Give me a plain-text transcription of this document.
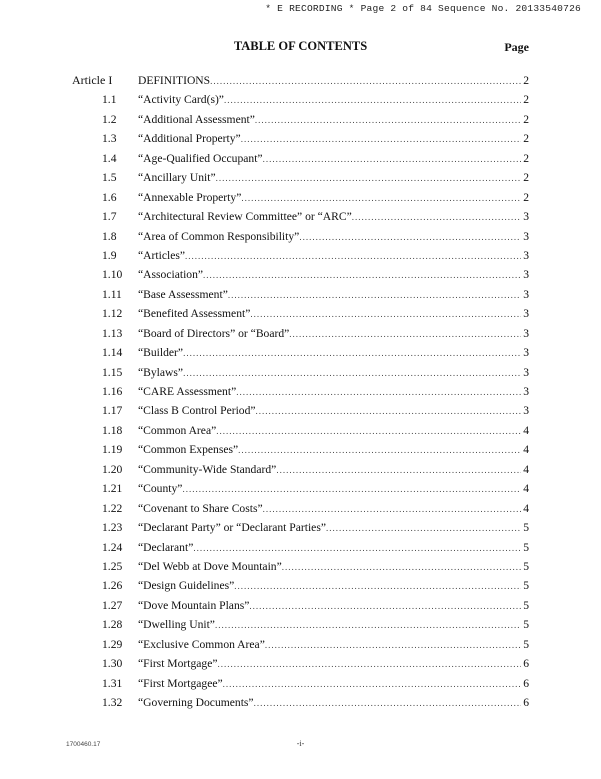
* E RECORDING * Page 2 of 84 Sequence No. 20133540726
TABLE OF CONTENTS	Page
Article I DEFINITIONS .....	2
1.1	“Activity Card(s)” .....	2
1.2	“Additional Assessment” .....	2
1.3	“Additional Property” .....	2
1.4	“Age-Qualified Occupant” .....	2
1.5	“Ancillary Unit” .....	2
1.6	“Annexable Property” .....	2
1.7	“Architectural Review Committee” or “ARC” .....	3
1.8	“Area of Common Responsibility” .....	3
1.9	“Articles” .....	3
1.10	“Association” .....	3
1.11	“Base Assessment” .....	3
1.12	“Benefited Assessment” .....	3
1.13	“Board of Directors” or “Board” .....	3
1.14	“Builder” .....	3
1.15	“Bylaws” .....	3
1.16	“CARE Assessment” .....	3
1.17	“Class B Control Period” .....	3
1.18	“Common Area” .....	4
1.19	“Common Expenses” .....	4
1.20	“Community-Wide Standard” .....	4
1.21	“County” .....	4
1.22	“Covenant to Share Costs” .....	4
1.23	“Declarant Party” or “Declarant Parties” .....	5
1.24	“Declarant” .....	5
1.25	“Del Webb at Dove Mountain” .....	5
1.26	“Design Guidelines” .....	5
1.27	“Dove Mountain Plans” .....	5
1.28	“Dwelling Unit” .....	5
1.29	“Exclusive Common Area” .....	5
1.30	“First Mortgage” .....	6
1.31	“First Mortgagee” .....	6
1.32	“Governing Documents” .....	6
1700460.17	-i-
